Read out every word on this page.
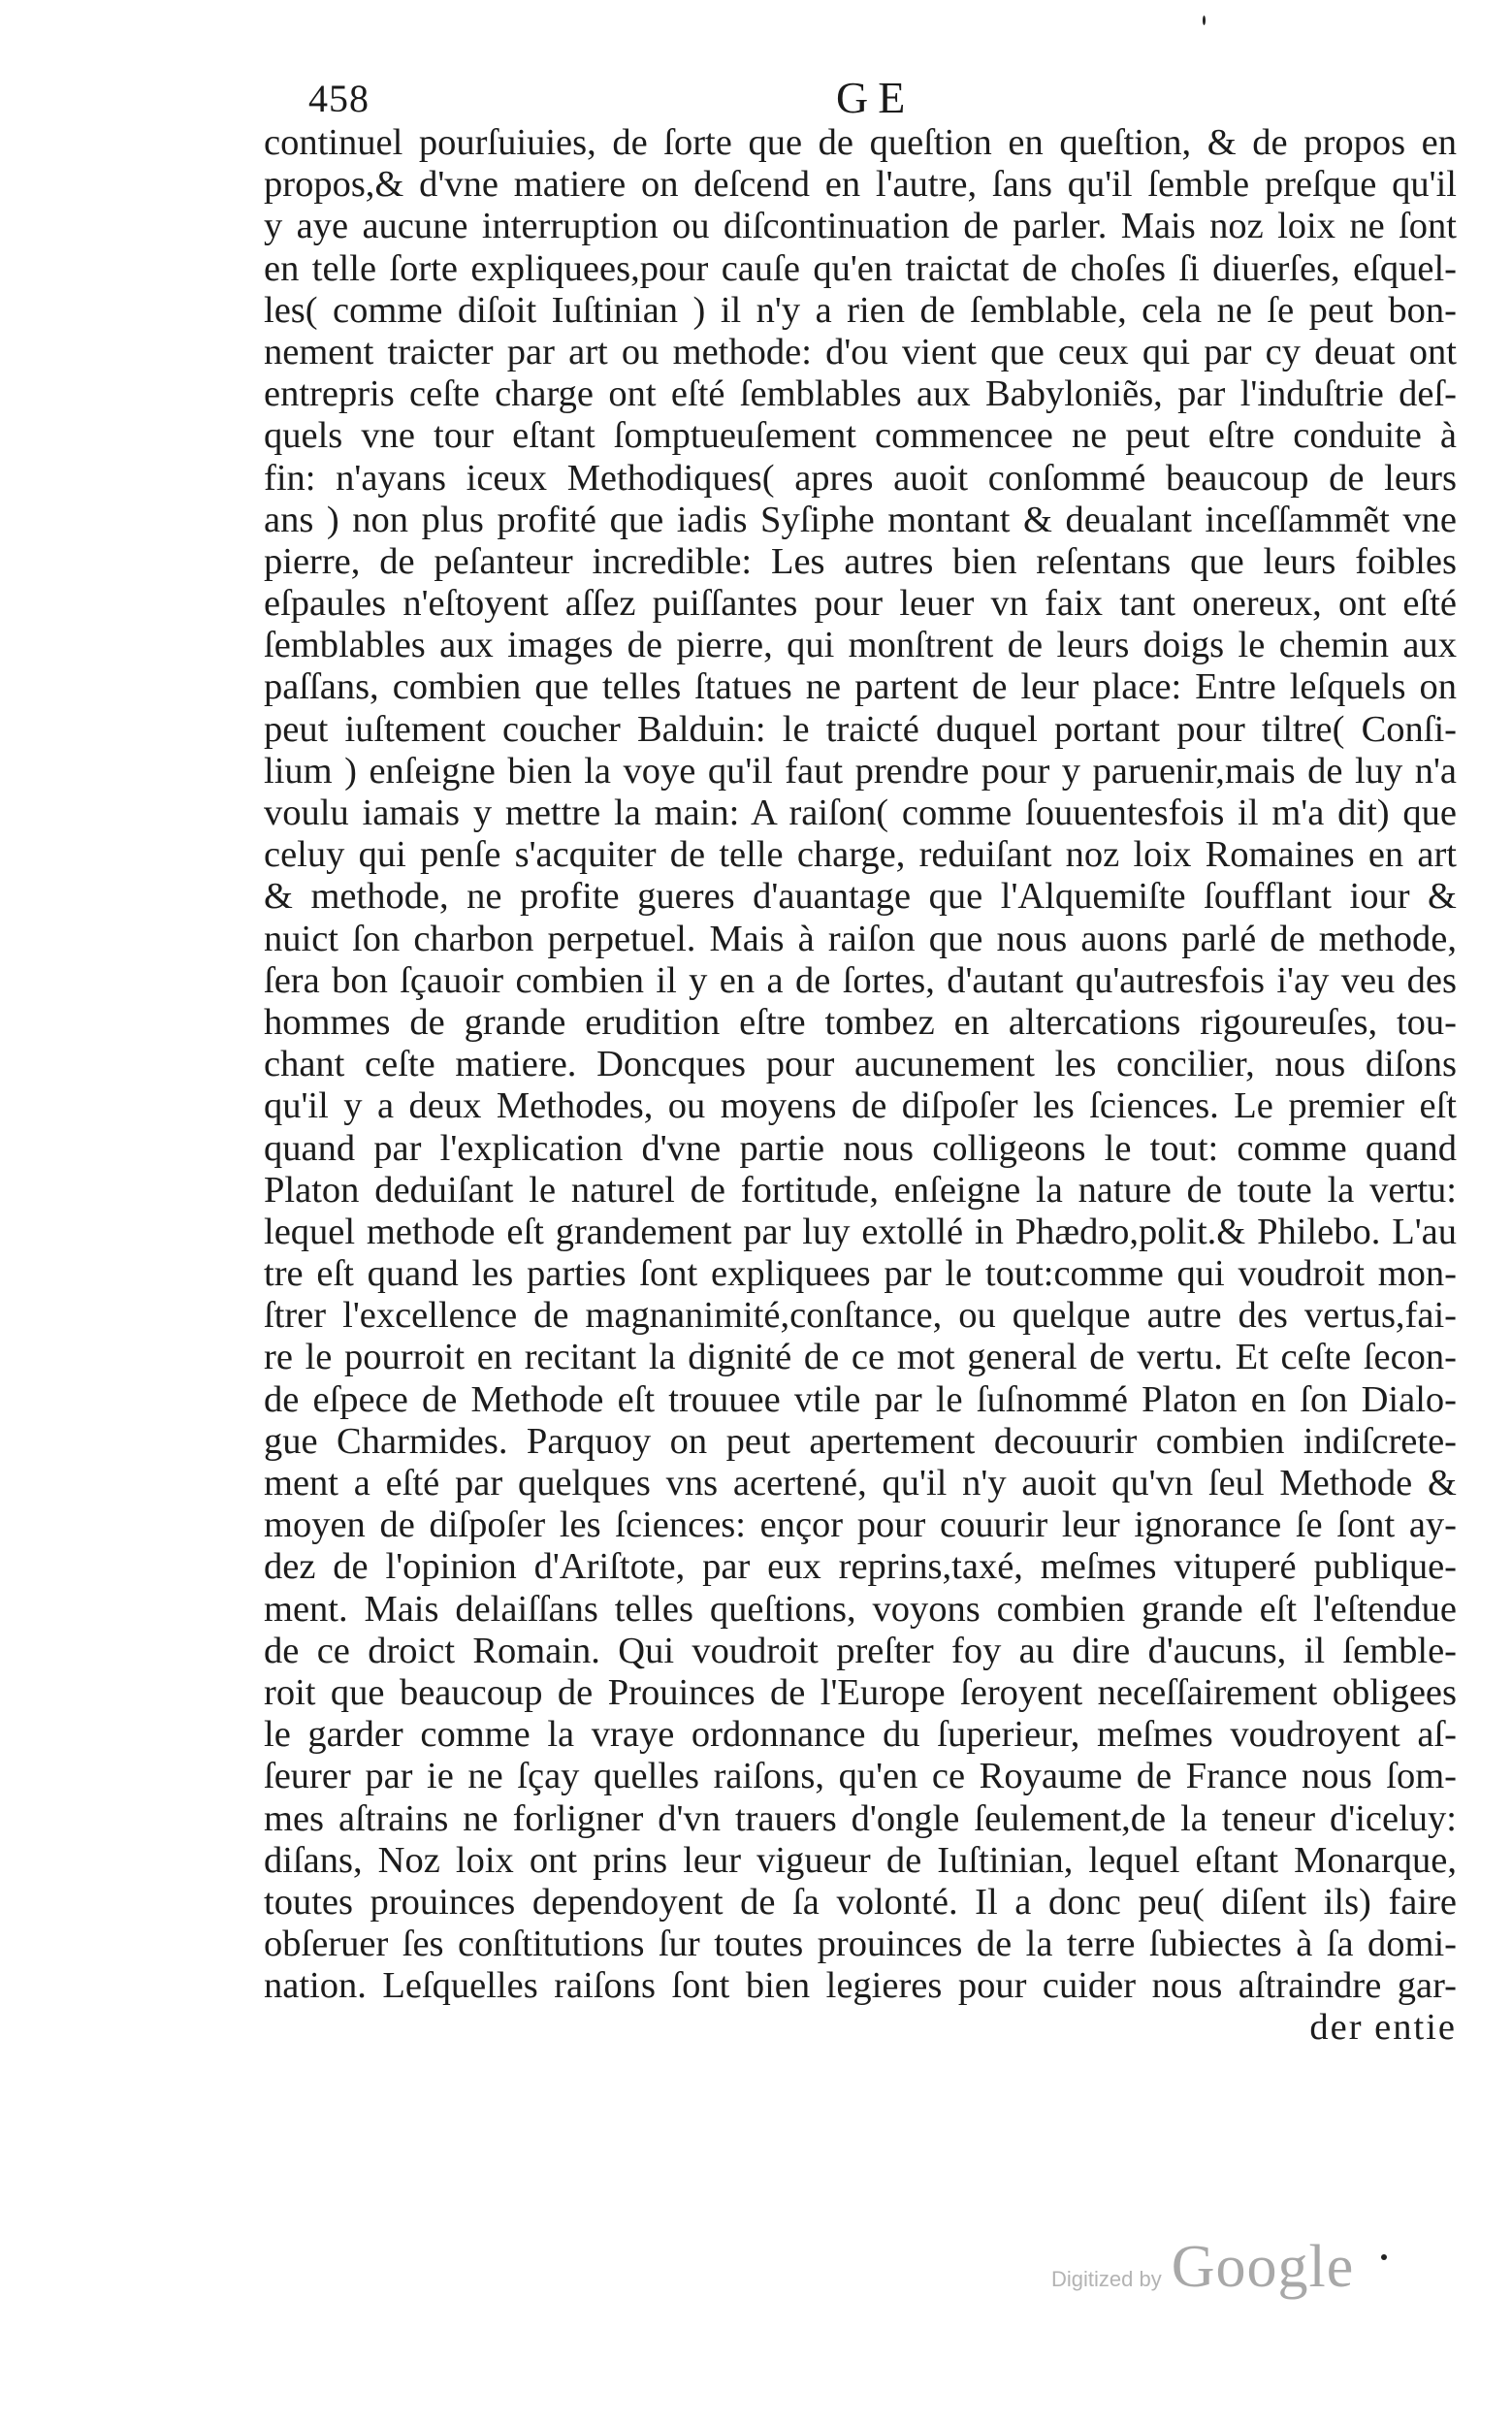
458	GE
continuel pourſuiuies, de ſorte que de queſtion en queſtion, & de propos en
propos,& d'vne matiere on deſcend en l'autre, ſans qu'il ſemble preſque qu'il
y aye aucune interruption ou diſcontinuation de parler. Mais noz loix ne ſont
en telle ſorte expliquees,pour cauſe qu'en traictat de choſes ſi diuerſes, eſquel-
les( comme diſoit Iuſtinian ) il n'y a rien de ſemblable, cela ne ſe peut bon-
nement traicter par art ou methode: d'ou vient que ceux qui par cy deuat ont
entrepris ceſte charge ont eſté ſemblables aux Babyloniẽs, par l'induſtrie deſ-
quels vne tour eſtant ſomptueuſement commencee ne peut eſtre conduite à
fin: n'ayans iceux Methodiques( apres auoit conſommé beaucoup de leurs
ans ) non plus profité que iadis Syſiphe montant & deualant inceſſammẽt vne
pierre, de peſanteur incredible: Les autres bien reſentans que leurs foibles
eſpaules n'eſtoyent aſſez puiſſantes pour leuer vn faix tant onereux, ont eſté
ſemblables aux images de pierre, qui monſtrent de leurs doigs le chemin aux
paſſans, combien que telles ſtatues ne partent de leur place: Entre leſquels on
peut iuſtement coucher Balduin: le traicté duquel portant pour tiltre( Conſi-
lium ) enſeigne bien la voye qu'il faut prendre pour y paruenir,mais de luy n'a
voulu iamais y mettre la main: A raiſon( comme ſouuentesfois il m'a dit) que
celuy qui penſe s'acquiter de telle charge, reduiſant noz loix Romaines en art
& methode, ne profite gueres d'auantage que l'Alquemiſte ſoufflant iour &
nuict ſon charbon perpetuel. Mais à raiſon que nous auons parlé de methode,
ſera bon ſçauoir combien il y en a de ſortes, d'autant qu'autresfois i'ay veu des
hommes de grande erudition eſtre tombez en altercations rigoureuſes, tou-
chant ceſte matiere. Doncques pour aucunement les concilier, nous diſons
qu'il y a deux Methodes, ou moyens de diſpoſer les ſciences. Le premier eſt
quand par l'explication d'vne partie nous colligeons le tout: comme quand
Platon deduiſant le naturel de fortitude, enſeigne la nature de toute la vertu:
lequel methode eſt grandement par luy extollé in Phædro,polit.& Philebo. L'au
tre eſt quand les parties ſont expliquees par le tout:comme qui voudroit mon-
ſtrer l'excellence de magnanimité,conſtance, ou quelque autre des vertus,fai-
re le pourroit en recitant la dignité de ce mot general de vertu. Et ceſte ſecon-
de eſpece de Methode eſt trouuee vtile par le ſuſnommé Platon en ſon Dialo-
gue Charmides. Parquoy on peut apertement decouurir combien indiſcrete-
ment a eſté par quelques vns acertené, qu'il n'y auoit qu'vn ſeul Methode &
moyen de diſpoſer les ſciences: ençor pour couurir leur ignorance ſe ſont ay-
dez de l'opinion d'Ariſtote, par eux reprins,taxé, meſmes vituperé publique-
ment. Mais delaiſſans telles queſtions, voyons combien grande eſt l'eſtendue
de ce droict Romain. Qui voudroit preſter foy au dire d'aucuns, il ſemble-
roit que beaucoup de Prouinces de l'Europe ſeroyent neceſſairement obligees
le garder comme la vraye ordonnance du ſuperieur, meſmes voudroyent aſ-
ſeurer par ie ne ſçay quelles raiſons, qu'en ce Royaume de France nous ſom-
mes aſtrains ne forligner d'vn trauers d'ongle ſeulement,de la teneur d'iceluy:
diſans, Noz loix ont prins leur vigueur de Iuſtinian, lequel eſtant Monarque,
toutes prouinces dependoyent de ſa volonté. Il a donc peu( diſent ils) faire
obſeruer ſes conſtitutions ſur toutes prouinces de la terre ſubiectes à ſa domi-
nation. Leſquelles raiſons ſont bien legieres pour cuider nous aſtraindre gar-
der entie
Digitized by Google
